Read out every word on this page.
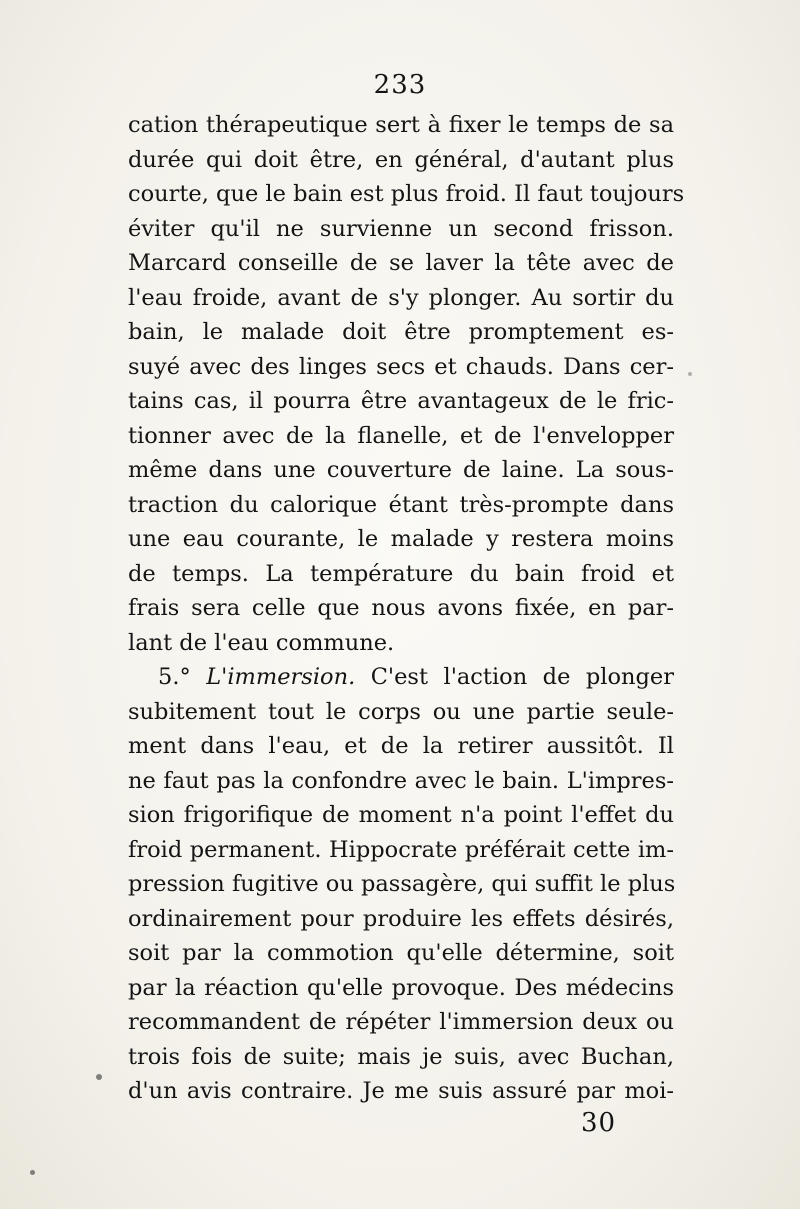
233
cation thérapeutique sert à fixer le temps de sa
durée qui doit être, en général, d'autant plus
courte, que le bain est plus froid. Il faut toujours
éviter qu'il ne survienne un second frisson.
Marcard conseille de se laver la tête avec de
l'eau froide, avant de s'y plonger. Au sortir du
bain, le malade doit être promptement es-
suyé avec des linges secs et chauds. Dans cer-
tains cas, il pourra être avantageux de le fric-
tionner avec de la flanelle, et de l'envelopper
même dans une couverture de laine. La sous-
traction du calorique étant très-prompte dans
une eau courante, le malade y restera moins
de temps. La température du bain froid et
frais sera celle que nous avons fixée, en par-
lant de l'eau commune.
5.° L'immersion. C'est l'action de plonger
subitement tout le corps ou une partie seule-
ment dans l'eau, et de la retirer aussitôt. Il
ne faut pas la confondre avec le bain. L'impres-
sion frigorifique de moment n'a point l'effet du
froid permanent. Hippocrate préférait cette im-
pression fugitive ou passagère, qui suffit le plus
ordinairement pour produire les effets désirés,
soit par la commotion qu'elle détermine, soit
par la réaction qu'elle provoque. Des médecins
recommandent de répéter l'immersion deux ou
trois fois de suite; mais je suis, avec Buchan,
d'un avis contraire. Je me suis assuré par moi-
30
